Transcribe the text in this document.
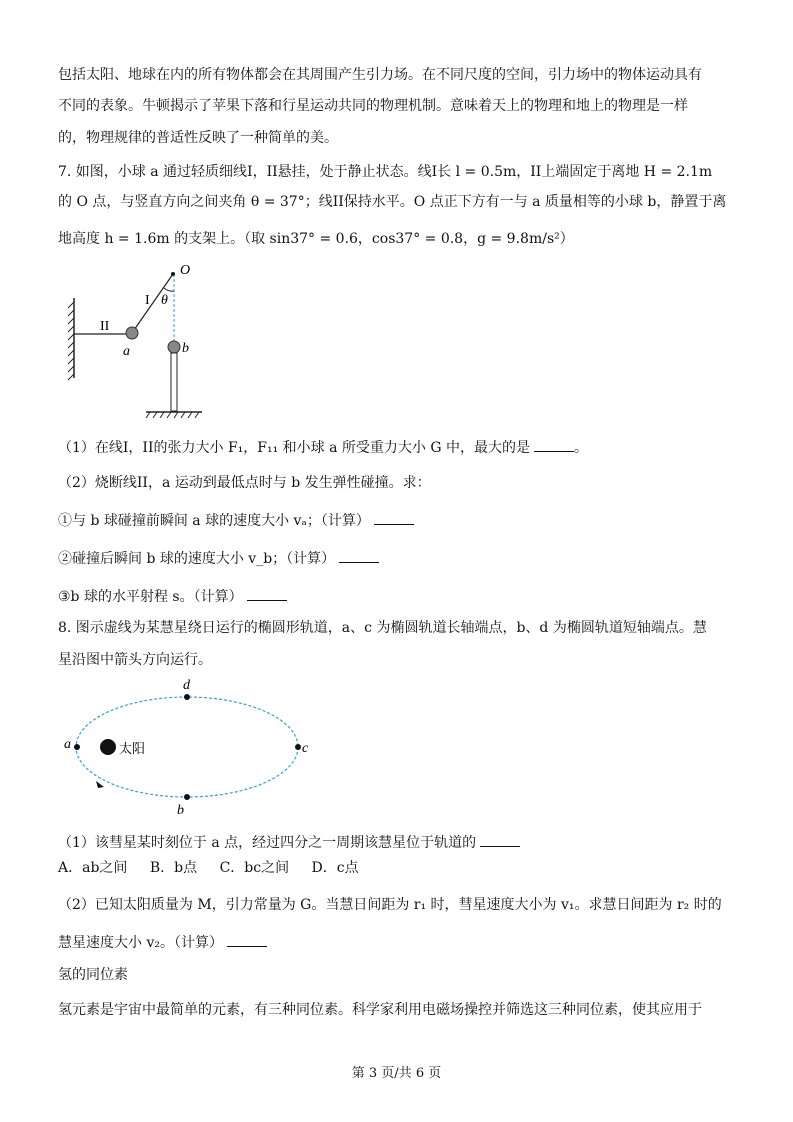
包括太阳、地球在内的所有物体都会在其周围产生引力场。在不同尺度的空间，引力场中的物体运动具有
不同的表象。牛顿揭示了苹果下落和行星运动共同的物理机制。意味着天上的物理和地上的物理是一样
的，物理规律的普适性反映了一种简单的美。
7. 如图，小球 a 通过轻质细线I，II悬挂，处于静止状态。线I长 l = 0.5m，II上端固定于离地 H = 2.1m
的 O 点，与竖直方向之间夹角 θ = 37°；线II保持水平。O 点正下方有一与 a 质量相等的小球 b，静置于离
地高度 h = 1.6m 的支架上。（取 sin37° = 0.6，cos37° = 0.8，g = 9.8m/s²）
O
I θ
II
a	b
（1）在线I，II的张力大小 F₁，F₁₁ 和小球 a 所受重力大小 G 中，最大的是	。
（2）烧断线II，a 运动到最低点时与 b 发生弹性碰撞。求：
①与 b 球碰撞前瞬间 a 球的速度大小 vₐ；（计算）
②碰撞后瞬间 b 球的速度大小 v_b；（计算）
③b 球的水平射程 s。（计算）
8. 图示虚线为某慧星绕日运行的椭圆形轨道，a、c 为椭圆轨道长轴端点，b、d 为椭圆轨道短轴端点。慧
星沿图中箭头方向运行。
a	c
d
b
太阳
（1）该彗星某时刻位于 a 点，经过四分之一周期该慧星位于轨道的
A．ab之间 B．b点 C．bc之间 D．c点
（2）已知太阳质量为 M，引力常量为 G。当慧日间距为 r₁ 时，彗星速度大小为 v₁。求慧日间距为 r₂ 时的
慧星速度大小 v₂。（计算）
氢的同位素
氢元素是宇宙中最简单的元素，有三种同位素。科学家利用电磁场操控并筛选这三种同位素，使其应用于
第 3 页/共 6 页
